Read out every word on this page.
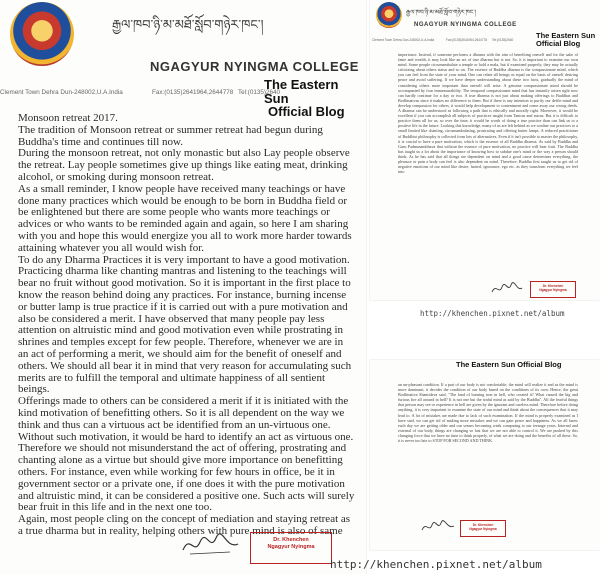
རྒྱལ་ཁབ་ཉི་མ་མཐོ་སློབ་གཉེར་ཁང་།
NGAGYUR NYINGMA COLLEGE
Clement Town Dehra Dun-248002,U.A.India	Fax:(0135)2641964,2644778 Tel:(0135)2640
The Eastern Sun
Official Blog

Monsoon retreat 2017.

The tradition of Monsoon retreat or summer retreat had begun during Buddha's time and continues till now.

During the monsoon retreat, not only monastic but also Lay people observe the retreat. Lay people sometimes give up things like eating meat, drinking alcohol, or smoking during monsoon retreat.

As a small reminder, I know people have received many teachings or have done many practices which would be enough to be born in Buddha field or be enlightened but there are some people who wants more teachings or advices or who wants to be reminded again and again, so here I am sharing with you and hope this would energize you all to work more harder towards attaining whatever you all would wish for.

To do any Dharma Practices it is very important to have a good motivation. Practicing dharma like chanting mantras and listening to the teachings will bear no fruit without good motivation. So it is important in the first place to know the reason behind doing any practices. For instance, burning incense or butter lamp is true practice if it is carried out with a pure motivation and also be considered a merit. I have observed that many people pay less attention on altruistic mind and good motivation even while prostrating in shrines and temples except for few people. Therefore, whenever we are in an act of performing a merit, we should aim for the benefit of oneself and others. We should all bear it in mind that very reason for accumulating such merits are to fulfill the temporal and ultimate happiness of all sentient beings.

Offerings made to others can be considered a merit if it is initiated with the kind motivation of benefitting others. So it is all dependent on the way we think and thus can a virtuous act be identified from an un-virtuous one. Without such motivation, it would be hard to identify an act as virtuous one. Therefore we should not misunderstand the act of offering, prostrating and chanting alone as a virtue but should give more importance on benefitting others. For instance, even while working for few hours in office, be it in government sector or a private one, if one does it with the pure motivation and altruistic mind, it can be considered a positive one. Such acts will surely bear fruit in this life and in the next one too.

Again, most people cling on the concept of mediation and staying retreat as a true dharma but in reality, helping others with pure mind is also of same

Dr. Khenchen
Ngagyur Nyingma
རྒྱལ་ཁབ་ཉི་མ་མཐོ་སློབ་གཉེར་ཁང་།
NGAGYUR NYINGMA COLLEGE
Clement Town Dehra Dun-248002,U.A.India	Fax:(0135)2641964,2644778 Tel:(0135)2640	The Eastern Sun
Official Blog

importance. Instead, if someone performs a dharma with the aim of benefiting oneself and for the sake of fame and wealth, it may look like an act of true dharma but is not. So, it is important to examine our own mind. Some people circumambulate a temple or hold a mala, but if examined properly, they may be actually criticizing about others status and so on. The essence of Buddha dharma is the compassionate mind, which you can feel from the state of your mind. One can relate all beings as equal on the basis of oneself desiring peace and avoid suffering. If we have deeper understanding about these two facts, gradually the mind of considering others more important than oneself will arise. A genuine compassionate mind should be accompanied by four immeasurability. The temporal compassionate mind that has instantly arisen right now can hardly continue for a day or two. A true dharma is not just about making offerings to Buddhas and Bodhisattvas since it makes no difference to them. But if there is any intention to purify our defile mind and develop compassion for others, it would help development to contentment and come away our wrong deeds. A dharma can be understood as following a path that is ethically and morally right. Moreover, it would be excellent if you can accomplish all subjects of practices taught from Tantras and sutras. But it is difficult to practice them all for us, so over the time, it would be worth of doing a true practice than can link us to a positive life in the future. Looking this knowledge, many of us are left behind as we confine our practices to a small limited like chanting, circumambulating, prostrating and offering butter lamps. A reduced practitioner of Buddhist philosophy is collected from lots of alternatives. Even if it isn't possible to master the philosophy, it is crucial to have a pure motivation, which is the essence of all Buddha dharma. As said by Buddha and Guru Padmasambhava that without the essence of pure motivation, no practice will bear fruit. The Buddha has taught us a lot about the importance of knowing how to subdue one's mind or the way a person should think. As he has said that all things are dependent on mind and a good cause determines everything, the pleasure or pain a body can feel is also dependent on mind. Therefore, Buddha first taught us to get rid of negative emotions of our mind like desire, hatred, ignorance, ego etc. as they transform everything we feel into

Dr. Khenchen
Ngagyur Nyingma
http://khenchen.pixnet.net/album
The Eastern Sun Official Blog

an un-pleasant condition. If a part of our body is not comfortable, the mind will realize it and as the mind is more dominant, it decides the condition of our body based on the conditions of its own. Hence, the great Bodhisattva Shantideva said, "The land of burning iron in hell, who created it? What caused the big and furious fire all around in hell? It is not one but the sinful mind as said by the Buddha". All the fearful things that person may see or experience in hell are given by the ignorant and careless mind. Therefore before doing anything, it is very important to examine the state of our mind and think about the consequences that it may lead to. A lot of mistakes are made due to lack of such examination. If the mind is properly examined as I have said, we can get rid of making more mistakes and we can gain peace and happiness. As we all know each day we are getting older and our senses becoming weak comparing to our teenage years. Internal and external of our body, things are changing so fast that we are not able to control it. We are pushed by this changing force that we have no time to think properly, of what we are doing and the benefits of all these. So, it is never too late to STOP FOR SECOND AND THINK.

Dr. Khenchen
Ngagyur Nyingma
http://khenchen.pixnet.net/album
